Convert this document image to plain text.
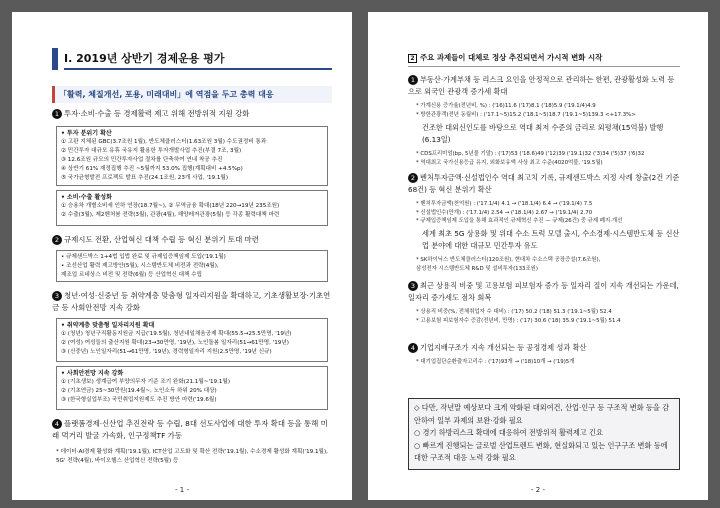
Ⅰ. 2019년 상반기 경제운용 평가
「활력, 체질개선, 포용, 미래대비」에 역점을 두고 총력 대응
1 투자·소비·수출 등 경제활력 제고 위해 전방위적 지원 강화
• 투자 분위기 확산
① 고판 지체된 GBC(3.7조원 1월), 반도체클러스터(1.63조원 3월) 수도권정비 통과
② 민간투자 대규모 유휴 국유지 활용한 투자개발사업 추진(부결 7조, 3월)
③ 12.6조원 규모의 민간투자사업 절차를 단축하여 연내 착공 추진
④ 상반기 61% 재정집행 추진 ~5월까지 53.0% 집행(계획대비 +4.5%p)
⑤ 국가균형발전 프로젝트 발표 추진(24.1조원, 23개 사업, '19.1월)
• 소비·수출 활성화
① 승용차 개별소비세 인하 연장(18.7월~), ② 무역금융 확대(18년 220→19년 235조원)
② 수출(3월), 제2벤처붐 전략(3월), 관광(4월), 해양레저관광(5월) 등 각종 활력대책 마련
2 규제시도 전환, 산업혁신 대책 수립 등 혁신 분위기 토대 마련
• 규제샌드박스 1+4법 입법 완료 및 규제입증책임제 도입('19.1월)
• 조선산업 활력 제고방안(5월), 시스템반도체 비전과 전략(4월),
제조업 르네상스 비전 및 전략(6월) 등 산업혁신 대책 수립
3 청년·여성·신중년 등 취약계층 맞춤형 일자리지원을 확대하고, 기초생활보장·기초연금 등 사회안전망 지속 강화
• 취약계층 맞춤형 일자리지원 확대
① (청년) 청년구직활동지원금 지급('19.5월), 청년내일채움공제 확대(55.5→25.5만명, '19년)
② (여성) 여성들의 출산지원 확대(23→30만명, '19년), 노인돌봄 일자리(51→61만명, '19년)
③ (신중년) 노인일자리(51→61만명, '19년), 경력형일자리 지원(2.5만명, '19년 신규)
• 사회안전망 지속 강화
① (기초생보) 생계급여 부양의무자 기준 조기 완화(21.1월~'19.1월)
② (기초연금) 25~30만원(19.4월~, 노인소득 하위 20% 대상)
③ (한국형실업부조) 국민취업지원제도 추진 방안 마련('19.6월)
4 플랫폼경제·신산업 추진전략 등 수립, 8대 선도사업에 대한 투자 확대 등을 통해 미래 먹거리 발굴 가속화, 인구정책TF 가동
* 데이터·AI경제 활성화 계획('19.1월), ICT산업 고도화 및 확산 전략('19.1월), 수소경제 활성화 계획('19.1월), 5G' 전략(4월), 바이오헬스 산업혁신 전략(5월) 등
- 1 -
2 주요 과제들이 대체로 정상 추진되면서 가시적 변화 시작
1 부동산·가계부채 등 리스크 요인을 안정적으로 관리하는 한편, 관광활성화 노력 등으로 외국인 관광객 증가세 확대
* 가계신용 증가율(전년비, %) : ('16)11.6 ('17)8.1 ('18)5.9 ('19.1/4)4.9
* 방한관광객(전년 동월비) : ('17.1~5)15.2 ('18.1~5)18.7 ('19.1~5)139.3 <+17.3%>
건조한 대외신인도를 바탕으로 역대 최저 수준의 금리로 외평채(15억불) 발행(6.13일)
* CDS프리미엄(bp, 5년물 기말) : ('17)53 ('18.6)49 ('12)39 ('19.1)32 ('3)34 ('5)37 ('6)32
* 역대최고 국가신용등급 유지, 외화보유액 사상 최고 수준(4020억불, '19.5월)
2 벤처투자금액·신설법인수 역대 최고치 기록, 규제샌드박스 지정 사례 창출(2건 기준 68건) 등 혁신 분위기 확산
* 벤처투자금액(천억원) : ('17.1/4) 4.1 → ('18.1/4) 6.4 → ('19.1/4) 7.5
* 신설법인수(만개) : ('17.1/4) 2.54 → ('18.1/4) 2.67 → ('19.1/4) 2.70
* 규제입증책임제 도입을 통해 효과적인 규제혁신 추진 — 규제(26건) 중 규제 폐지·개선
세계 최초 5G 상용화 및 위대 수소 트럭 모델 출시, 수소경제·시스템반도체 등 신산업 분야에 대한 대규모 민간투자 유도
* SK하이닉스 반도체클러스터(120조원), 현대차 수소스택 공장증설(7.6조원),
삼성전자 시스템반도체 R&D 및 설비투자(133조원)
3 최근 상용직 비중 및 고용보험 피보험자 증가 등 일자리 질이 지속 개선되는 가운데, 일자리 증가세도 점차 회복
* 상용직 비중(%, 전체취업자 수 대비) : ('17) 50.2 ('18) 51.3 ('19.1~5월) 52.4
* 고용보험 피보험자수 증감(전년비, 만명) : ('17) 30.6 ('18) 35.9 ('19.1~5월) 51.4
4 기업지배구조가 지속 개선되는 등 공정경제 성과 확산
* 대기업집단순환출자고리수 : ('17)93개 → ('18)10개 → ('19)5개
◇ 다만, 작년말 예상보다 크게 약화된 대외여건, 산업·인구 등 구조적 변화 등을 감안하여 일부 과제의 보완·강화 필요
○ 경기 하방리스크 확대에 대응하여 전방위적 활력제고 긴요
○ 빠르게 진행되는 글로벌 산업트렌드 변화, 현실화되고 있는 인구구조 변화 등에 대한 구조적 대응 노력 강화 필요
- 2 -
